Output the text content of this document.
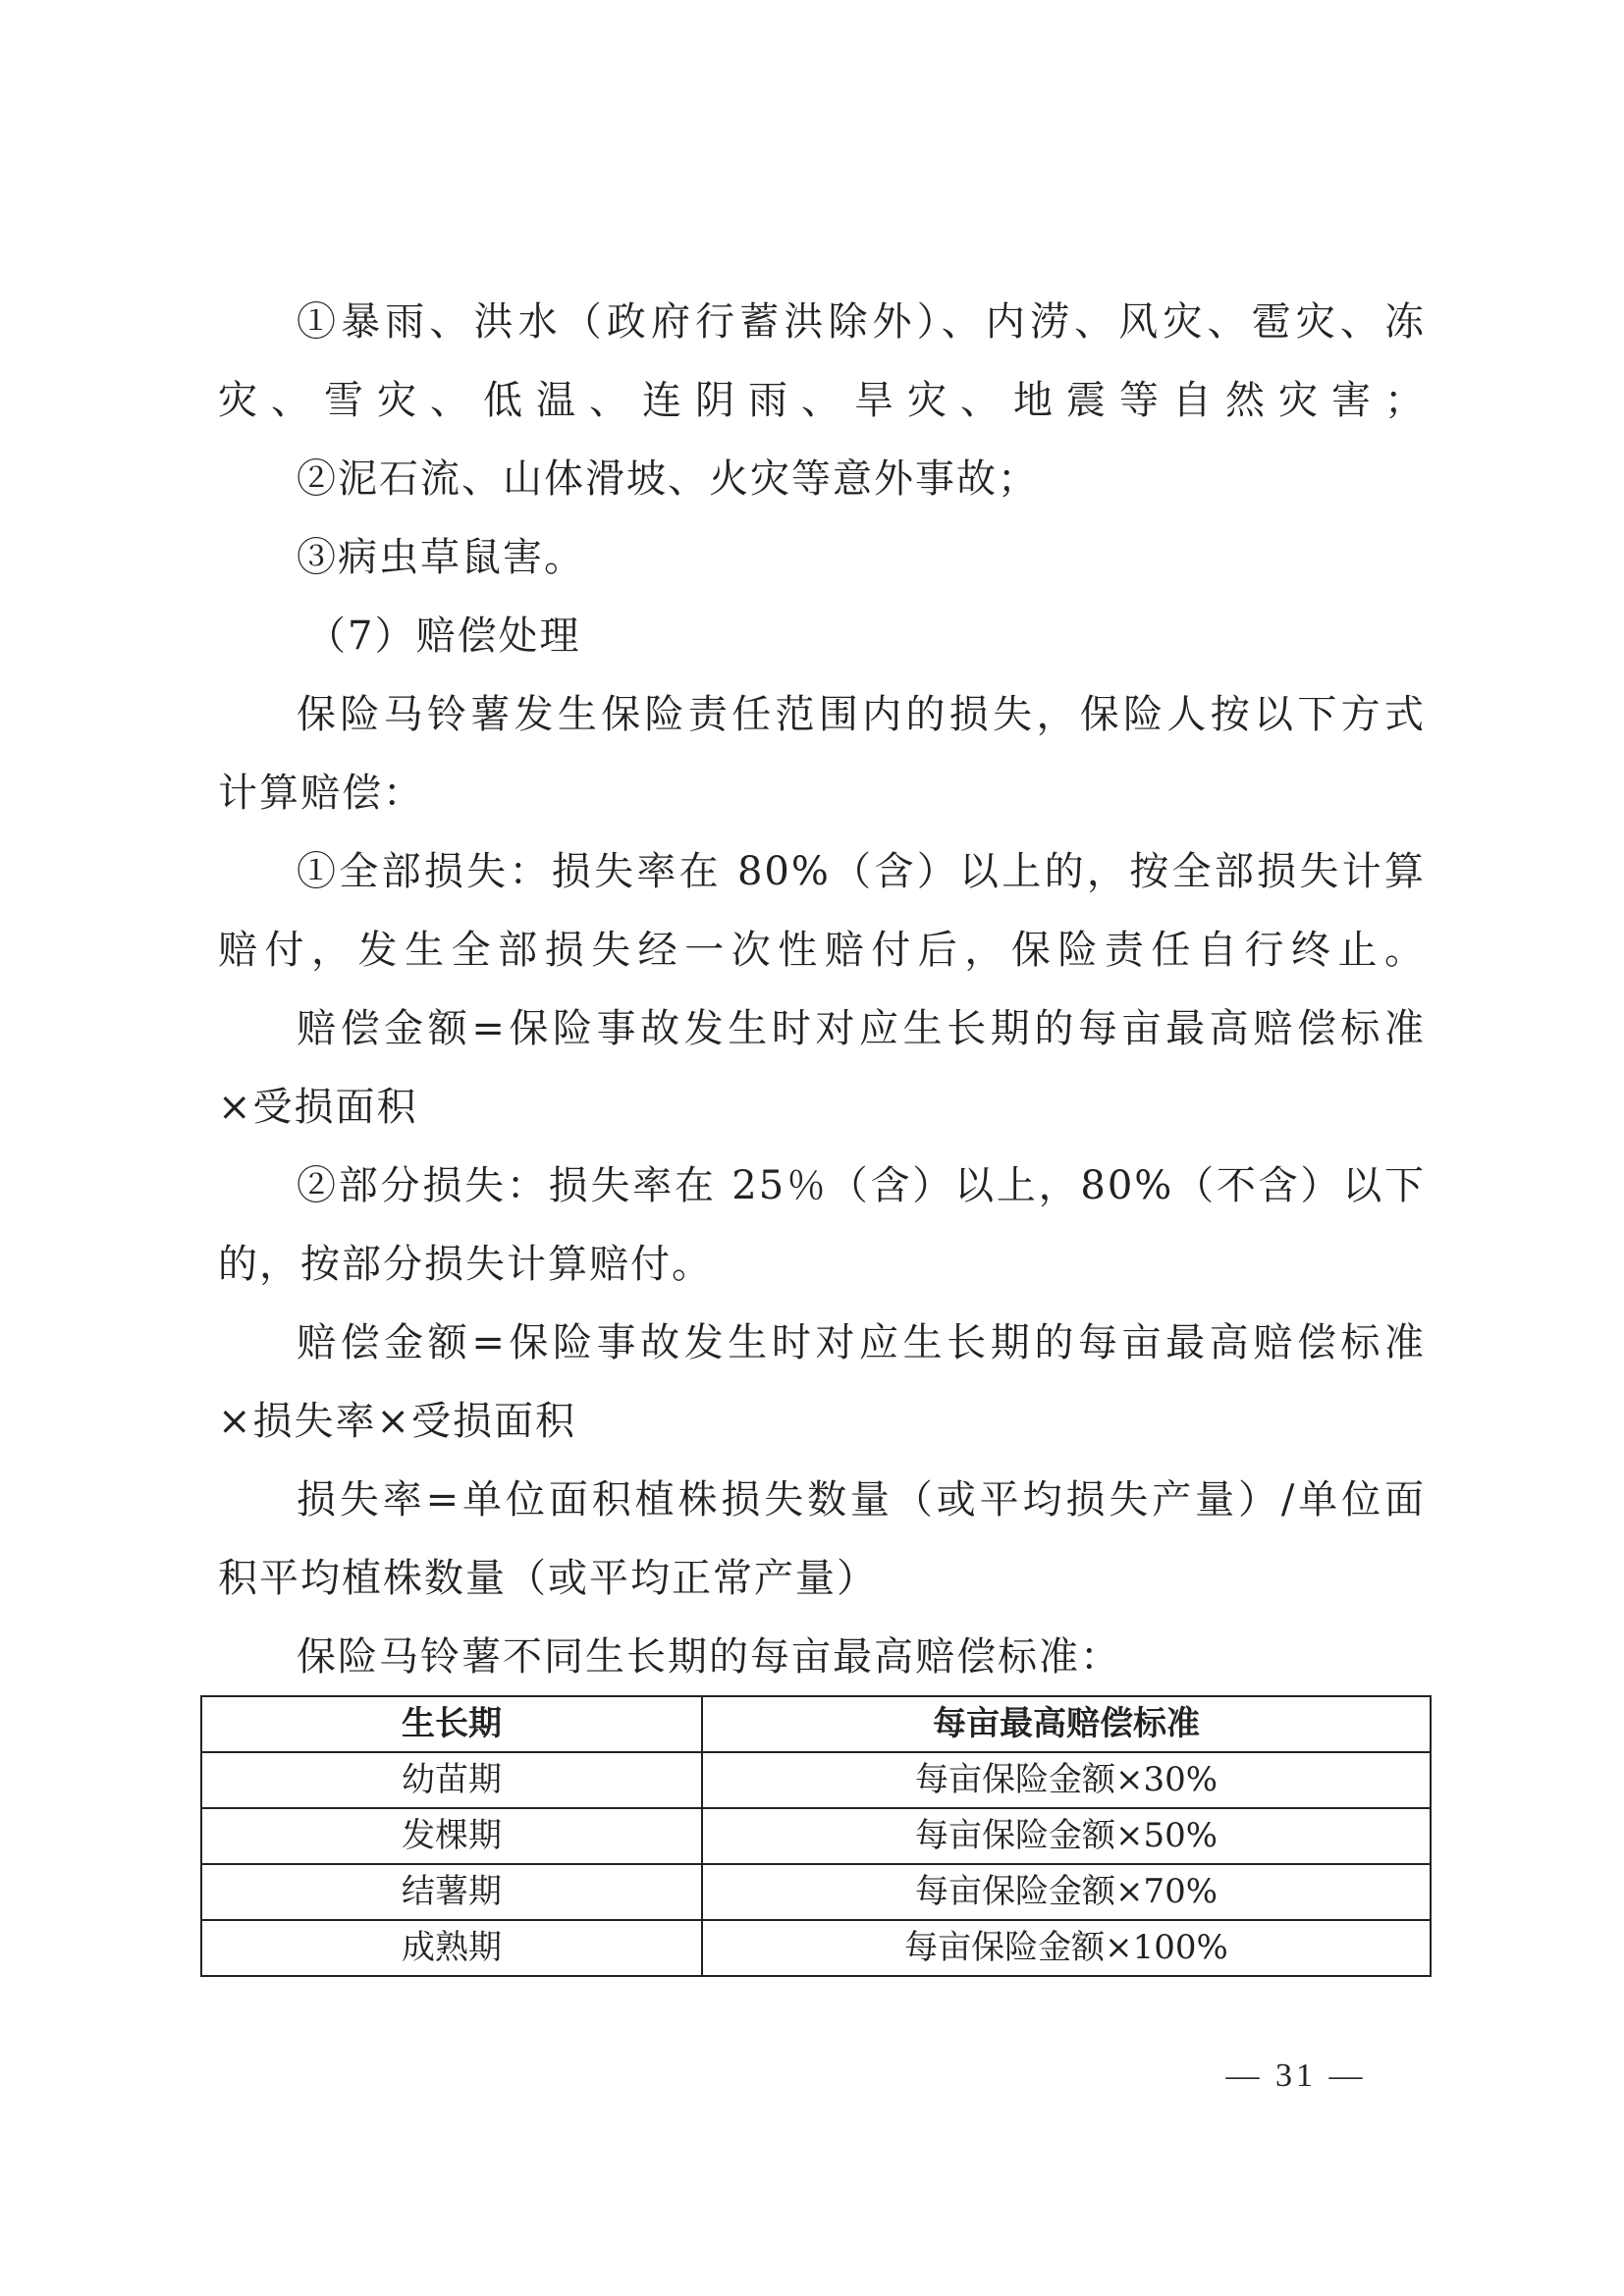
①暴雨、洪水（政府行蓄洪除外）、内涝、风灾、雹灾、冻
灾、雪灾、低温、连阴雨、旱灾、地震等自然灾害；
②泥石流、山体滑坡、火灾等意外事故；
③病虫草鼠害。
（7）赔偿处理
保险马铃薯发生保险责任范围内的损失，保险人按以下方式
计算赔偿：
①全部损失：损失率在 80%（含）以上的，按全部损失计算
赔付，发生全部损失经一次性赔付后，保险责任自行终止。
赔偿金额=保险事故发生时对应生长期的每亩最高赔偿标准
×受损面积
②部分损失：损失率在 25％（含）以上，80%（不含）以下
的，按部分损失计算赔付。
赔偿金额=保险事故发生时对应生长期的每亩最高赔偿标准
×损失率×受损面积
损失率=单位面积植株损失数量（或平均损失产量）/单位面
积平均植株数量（或平均正常产量）
保险马铃薯不同生长期的每亩最高赔偿标准：
生长期	每亩最高赔偿标准
幼苗期	每亩保险金额×30%
发棵期	每亩保险金额×50%
结薯期	每亩保险金额×70%
成熟期	每亩保险金额×100%
— 31 —
